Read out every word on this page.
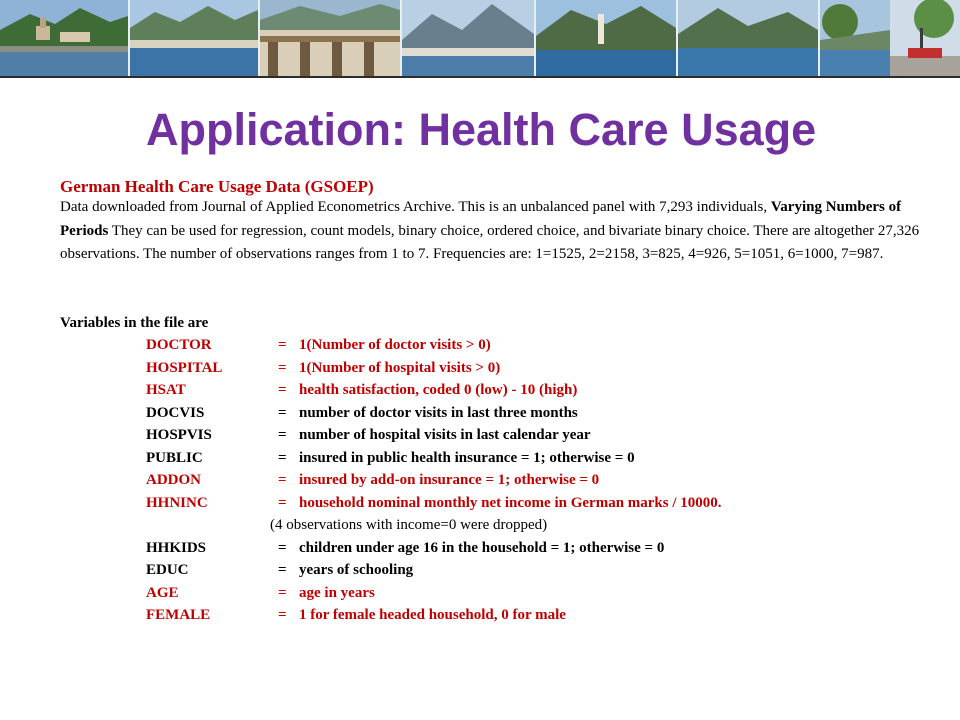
Application: Health Care Usage

German Health Care Usage Data (GSOEP)

Data downloaded from Journal of Applied Econometrics Archive. This is an unbalanced panel with 7,293 individuals, Varying Numbers of Periods They can be used for regression, count models, binary choice, ordered choice, and bivariate binary choice. There are altogether 27,326 observations. The number of observations ranges from 1 to 7. Frequencies are: 1=1525, 2=2158, 3=825, 4=926, 5=1051, 6=1000, 7=987.

Variables in the file are

DOCTOR	= 1(Number of doctor visits > 0)
HOSPITAL	= 1(Number of hospital visits > 0)
HSAT	= health satisfaction, coded 0 (low) - 10 (high)
DOCVIS	= number of doctor visits in last three months
HOSPVIS	= number of hospital visits in last calendar year
PUBLIC	= insured in public health insurance = 1; otherwise = 0
ADDON	= insured by add-on insurance = 1; otherwise = 0
HHNINC	= household nominal monthly net income in German marks / 10000.
(4 observations with income=0 were dropped)
HHKIDS	= children under age 16 in the household = 1; otherwise = 0
EDUC	= years of schooling
AGE	= age in years
FEMALE	= 1 for female headed household, 0 for male
